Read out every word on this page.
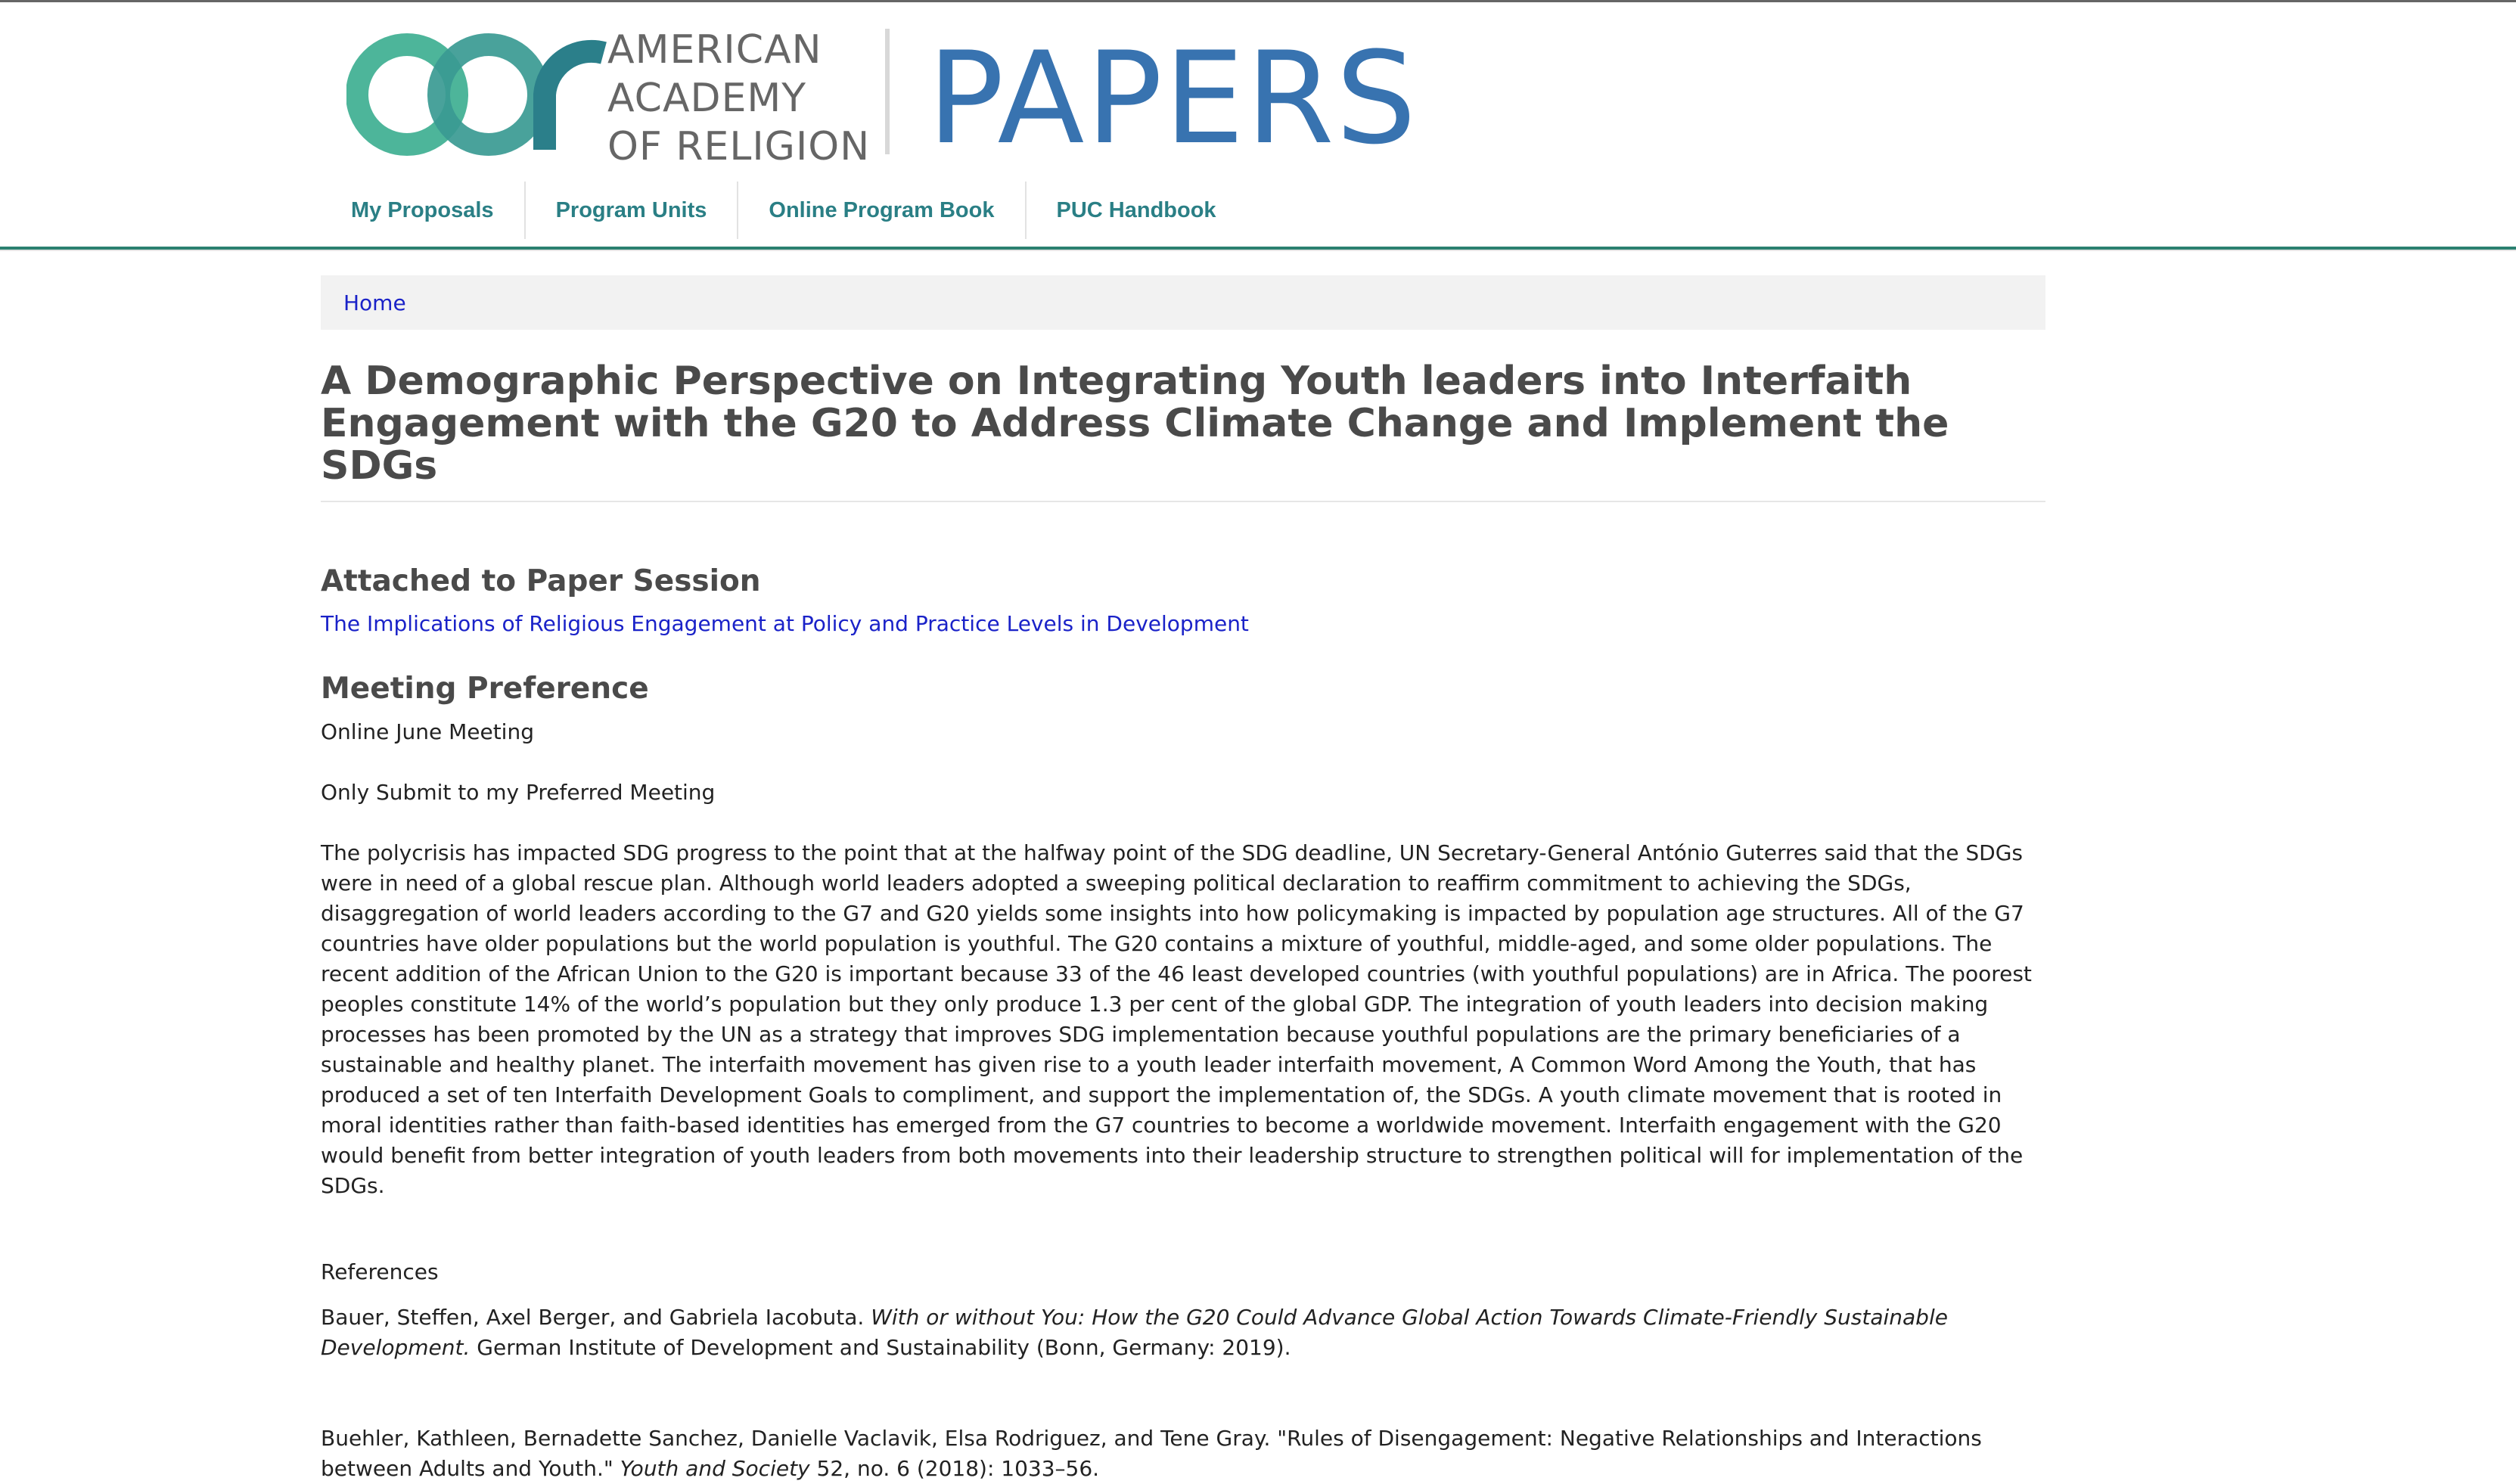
AMERICAN
ACADEMY
OF RELIGION PAPERS
My Proposals	Program Units	Online Program Book	PUC Handbook
Home
A Demographic Perspective on Integrating Youth leaders into Interfaith Engagement with the G20 to Address Climate Change and Implement the SDGs
Attached to Paper Session
The Implications of Religious Engagement at Policy and Practice Levels in Development
Meeting Preference

Online June Meeting

Only Submit to my Preferred Meeting

The polycrisis has impacted SDG progress to the point that at the halfway point of the SDG deadline, UN Secretary-General António Guterres said that the SDGs were in need of a global rescue plan. Although world leaders adopted a sweeping political declaration to reaffirm commitment to achieving the SDGs, disaggregation of world leaders according to the G7 and G20 yields some insights into how policymaking is impacted by population age structures. All of the G7 countries have older populations but the world population is youthful. The G20 contains a mixture of youthful, middle-aged, and some older populations. The recent addition of the African Union to the G20 is important because 33 of the 46 least developed countries (with youthful populations) are in Africa. The poorest peoples constitute 14% of the world’s population but they only produce 1.3 per cent of the global GDP. The integration of youth leaders into decision making processes has been promoted by the UN as a strategy that improves SDG implementation because youthful populations are the primary beneficiaries of a sustainable and healthy planet. The interfaith movement has given rise to a youth leader interfaith movement, A Common Word Among the Youth, that has produced a set of ten Interfaith Development Goals to compliment, and support the implementation of, the SDGs. A youth climate movement that is rooted in moral identities rather than faith-based identities has emerged from the G7 countries to become a worldwide movement. Interfaith engagement with the G20 would benefit from better integration of youth leaders from both movements into their leadership structure to strengthen political will for implementation of the SDGs.

References

Bauer, Steffen, Axel Berger, and Gabriela Iacobuta. With or without You: How the G20 Could Advance Global Action Towards Climate-Friendly Sustainable Development. German Institute of Development and Sustainability (Bonn, Germany: 2019).

Buehler, Kathleen, Bernadette Sanchez, Danielle Vaclavik, Elsa Rodriguez, and Tene Gray. "Rules of Disengagement: Negative Relationships and Interactions between Adults and Youth." Youth and Society 52, no. 6 (2018): 1033–56.
